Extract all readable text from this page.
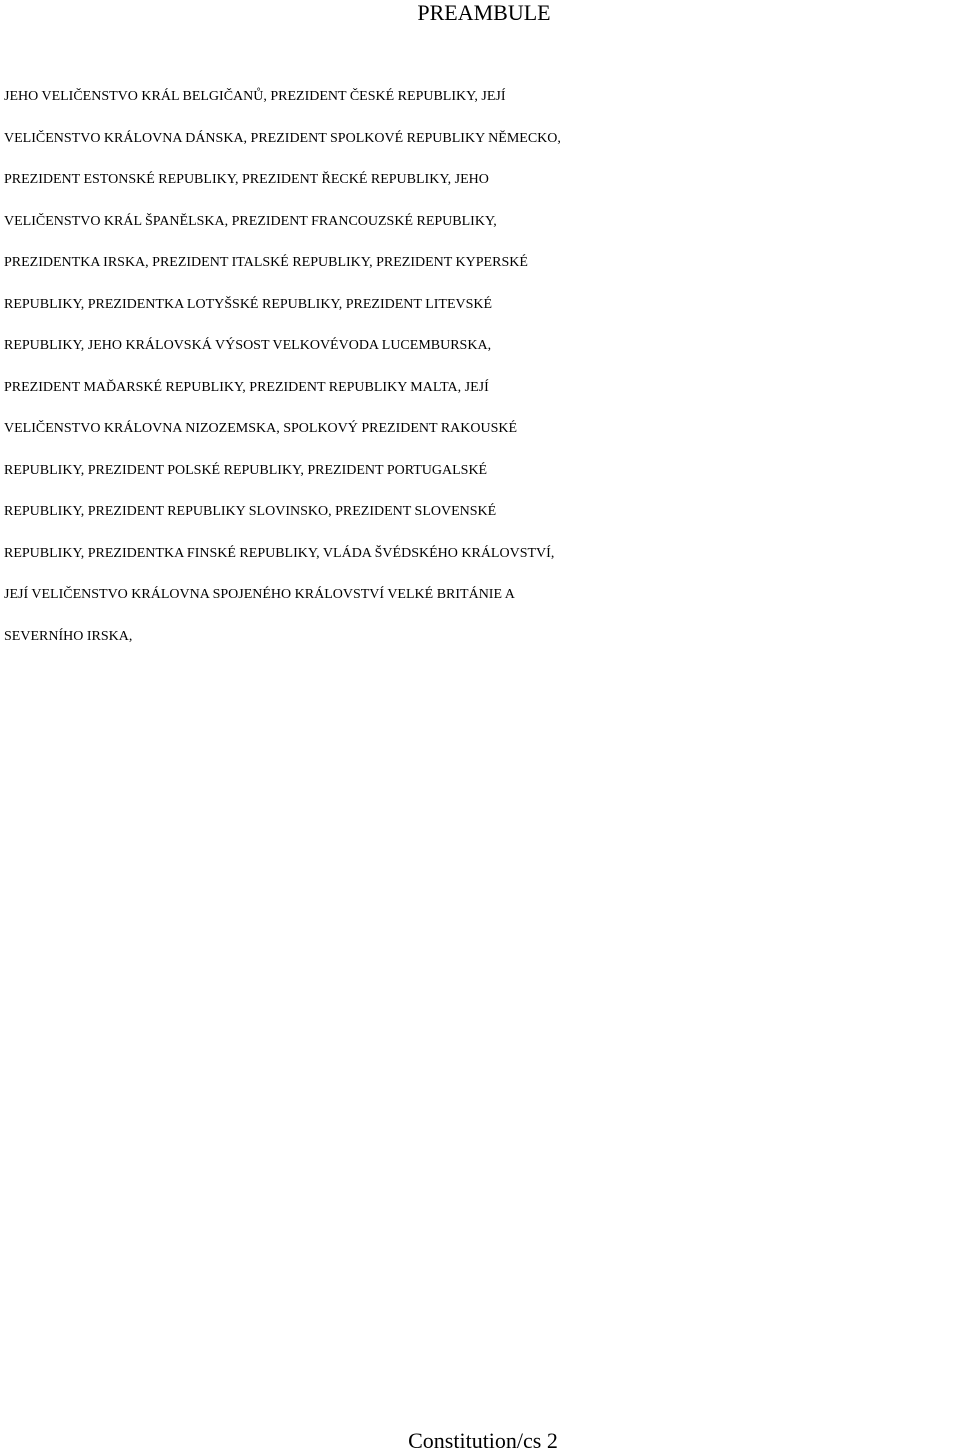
PREAMBULE
JEHO VELIČENSTVO KRÁL BELGIČANŮ, PREZIDENT ČESKÉ REPUBLIKY, JEJÍ
VELIČENSTVO KRÁLOVNA DÁNSKA, PREZIDENT SPOLKOVÉ REPUBLIKY NĚMECKO,
PREZIDENT ESTONSKÉ REPUBLIKY, PREZIDENT ŘECKÉ REPUBLIKY, JEHO
VELIČENSTVO KRÁL ŠPANĚLSKA, PREZIDENT FRANCOUZSKÉ REPUBLIKY,
PREZIDENTKA IRSKA, PREZIDENT ITALSKÉ REPUBLIKY, PREZIDENT KYPERSKÉ
REPUBLIKY, PREZIDENTKA LOTYŠSKÉ REPUBLIKY, PREZIDENT LITEVSKÉ
REPUBLIKY, JEHO KRÁLOVSKÁ VÝSOST VELKOVÉVODA LUCEMBURSKA,
PREZIDENT MAĎARSKÉ REPUBLIKY, PREZIDENT REPUBLIKY MALTA, JEJÍ
VELIČENSTVO KRÁLOVNA NIZOZEMSKA, SPOLKOVÝ PREZIDENT RAKOUSKÉ
REPUBLIKY, PREZIDENT POLSKÉ REPUBLIKY, PREZIDENT PORTUGALSKÉ
REPUBLIKY, PREZIDENT REPUBLIKY SLOVINSKO, PREZIDENT SLOVENSKÉ
REPUBLIKY, PREZIDENTKA FINSKÉ REPUBLIKY, VLÁDA ŠVÉDSKÉHO KRÁLOVSTVÍ,
JEJÍ VELIČENSTVO KRÁLOVNA SPOJENÉHO KRÁLOVSTVÍ VELKÉ BRITÁNIE A
SEVERNÍHO IRSKA,
Constitution/cs 2
